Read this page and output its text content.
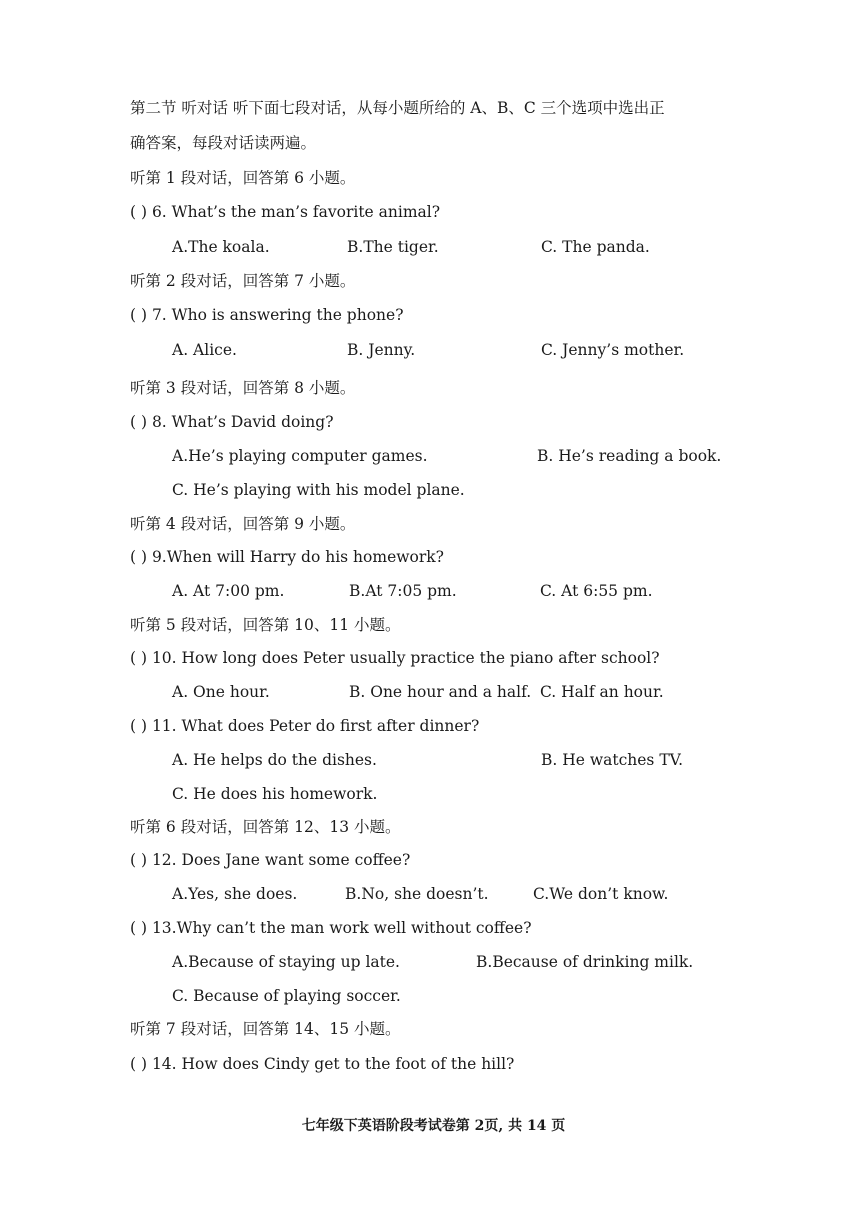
第二节 听对话 听下面七段对话，从每小题所给的 A、B、C 三个选项中选出正
确答案，每段对话读两遍。
听第 1 段对话，回答第 6 小题。
( ) 6. What’s the man’s favorite animal?
A.The koala.	B.The tiger.	C. The panda.
听第 2 段对话，回答第 7 小题。
( ) 7. Who is answering the phone?
A. Alice.	B. Jenny.	C. Jenny’s mother.
听第 3 段对话，回答第 8 小题。
( ) 8. What’s David doing?
A.He’s playing computer games.	B. He’s reading a book.
C. He’s playing with his model plane.
听第 4 段对话，回答第 9 小题。
( ) 9.When will Harry do his homework?
A. At 7:00 pm.	B.At 7:05 pm.	C. At 6:55 pm.
听第 5 段对话，回答第 10、11 小题。
( ) 10. How long does Peter usually practice the piano after school?
A. One hour.	B. One hour and a half. C. Half an hour.
( ) 11. What does Peter do first after dinner?
A. He helps do the dishes.	B. He watches TV.
C. He does his homework.
听第 6 段对话，回答第 12、13 小题。
( ) 12. Does Jane want some coffee?
A.Yes, she does.	B.No, she doesn’t.	C.We don’t know.
( ) 13.Why can’t the man work well without coffee?
A.Because of staying up late.	B.Because of drinking milk.
C. Because of playing soccer.
听第 7 段对话，回答第 14、15 小题。
( ) 14. How does Cindy get to the foot of the hill?
七年级下英语阶段考试卷第 2页, 共 14 页
